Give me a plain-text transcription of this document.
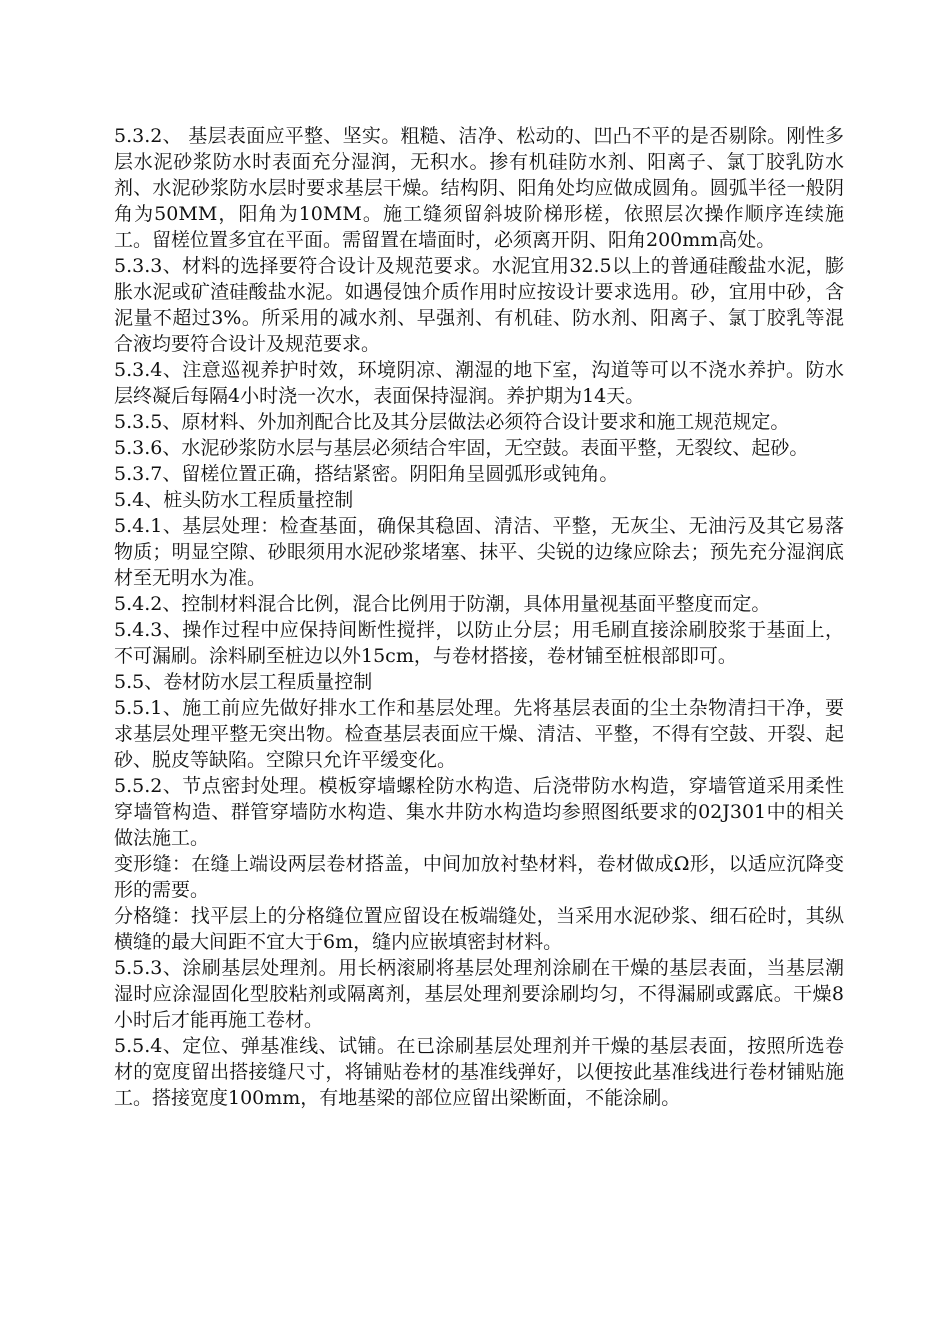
5.3.2、 基层表面应平整、坚实。粗糙、洁净、松动的、凹凸不平的是否剔除。刚性多层水泥砂浆防水时表面充分湿润，无积水。掺有机硅防水剂、阳离子、氯丁胶乳防水剂、水泥砂浆防水层时要求基层干燥。结构阴、阳角处均应做成圆角。圆弧半径一般阴角为50MM，阳角为10MM。施工缝须留斜坡阶梯形槎，依照层次操作顺序连续施工。留槎位置多宜在平面。需留置在墙面时，必须离开阴、阳角200mm高处。

5.3.3、材料的选择要符合设计及规范要求。水泥宜用32.5以上的普通硅酸盐水泥，膨胀水泥或矿渣硅酸盐水泥。如遇侵蚀介质作用时应按设计要求选用。砂，宜用中砂，含泥量不超过3%。所采用的减水剂、早强剂、有机硅、防水剂、阳离子、氯丁胶乳等混合液均要符合设计及规范要求。

5.3.4、注意巡视养护时效，环境阴凉、潮湿的地下室，沟道等可以不浇水养护。防水层终凝后每隔4小时浇一次水，表面保持湿润。养护期为14天。

5.3.5、原材料、外加剂配合比及其分层做法必须符合设计要求和施工规范规定。

5.3.6、水泥砂浆防水层与基层必须结合牢固，无空鼓。表面平整，无裂纹、起砂。

5.3.7、留槎位置正确，搭结紧密。阴阳角呈圆弧形或钝角。

5.4、桩头防水工程质量控制

5.4.1、基层处理：检查基面，确保其稳固、清洁、平整，无灰尘、无油污及其它易落物质；明显空隙、砂眼须用水泥砂浆堵塞、抹平、尖锐的边缘应除去；预先充分湿润底材至无明水为准。

5.4.2、控制材料混合比例，混合比例用于防潮，具体用量视基面平整度而定。

5.4.3、操作过程中应保持间断性搅拌，以防止分层；用毛刷直接涂刷胶浆于基面上，不可漏刷。涂料刷至桩边以外15cm，与卷材搭接，卷材铺至桩根部即可。

5.5、卷材防水层工程质量控制

5.5.1、施工前应先做好排水工作和基层处理。先将基层表面的尘土杂物清扫干净，要求基层处理平整无突出物。检查基层表面应干燥、清洁、平整，不得有空鼓、开裂、起砂、脱皮等缺陷。空隙只允许平缓变化。

5.5.2、节点密封处理。模板穿墙螺栓防水构造、后浇带防水构造，穿墙管道采用柔性穿墙管构造、群管穿墙防水构造、集水井防水构造均参照图纸要求的02J301中的相关做法施工。

变形缝：在缝上端设两层卷材搭盖，中间加放衬垫材料，卷材做成Ω形，以适应沉降变形的需要。

分格缝：找平层上的分格缝位置应留设在板端缝处，当采用水泥砂浆、细石砼时，其纵横缝的最大间距不宜大于6m，缝内应嵌填密封材料。

5.5.3、涂刷基层处理剂。用长柄滚刷将基层处理剂涂刷在干燥的基层表面，当基层潮湿时应涂湿固化型胶粘剂或隔离剂，基层处理剂要涂刷均匀，不得漏刷或露底。干燥8小时后才能再施工卷材。

5.5.4、定位、弹基准线、试铺。在已涂刷基层处理剂并干燥的基层表面，按照所选卷材的宽度留出搭接缝尺寸，将铺贴卷材的基准线弹好，以便按此基准线进行卷材铺贴施工。搭接宽度100mm，有地基梁的部位应留出梁断面，不能涂刷。
